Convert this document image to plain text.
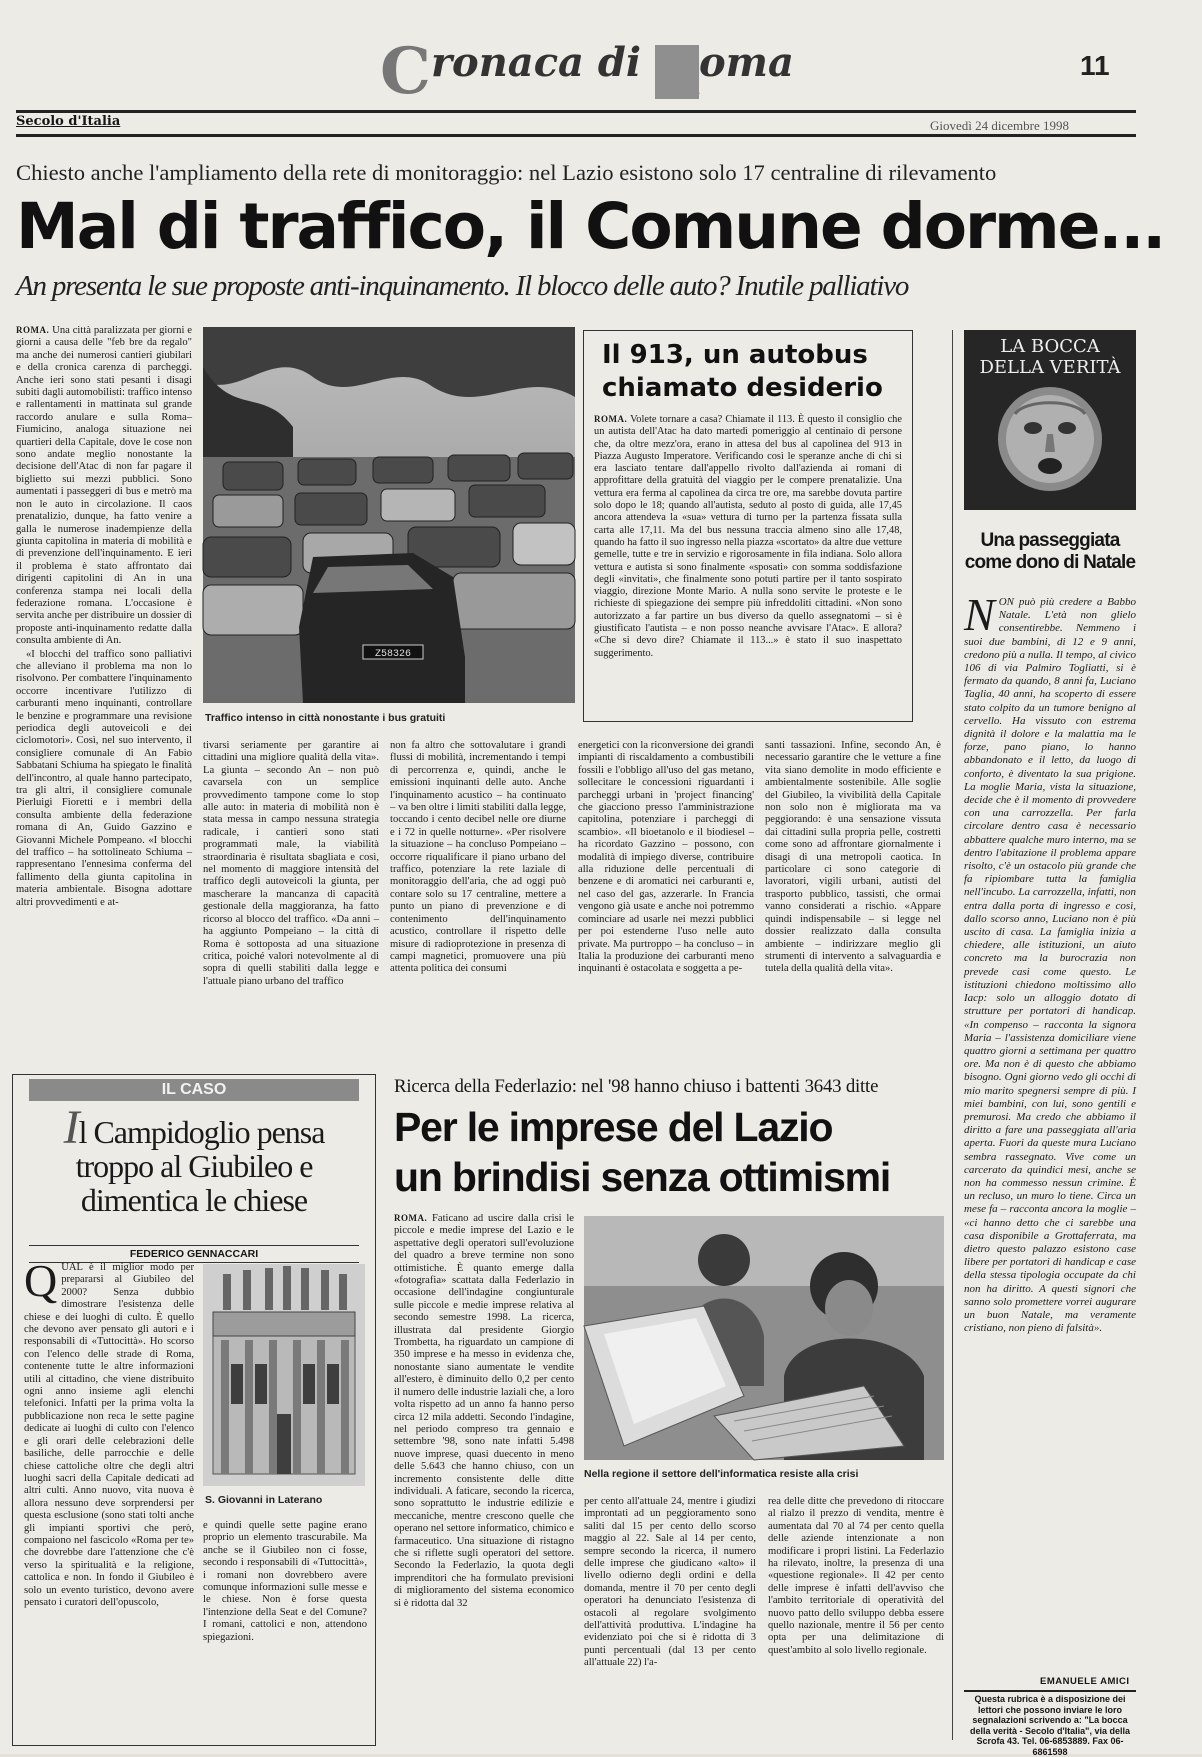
Cronaca di Roma	11
Secolo d'Italia	Giovedì 24 dicembre 1998
Chiesto anche l'ampliamento della rete di monitoraggio: nel Lazio esistono solo 17 centraline di rilevamento
Mal di traffico, il Comune dorme...
An presenta le sue proposte anti-inquinamento. Il blocco delle auto? Inutile palliativo

ROMA. Una città paralizzata per giorni e giorni a causa delle "feb bre da regalo" ma anche dei numerosi cantieri giubilari e della cronica carenza di parcheggi. Anche ieri sono stati pesanti i disagi subiti dagli automobilisti: traffico intenso e rallentamenti in mattinata sul grande raccordo anulare e sulla Roma–Fiumicino, analoga situazione nei quartieri della Capitale, dove le cose non sono andate meglio nonostante la decisione dell'Atac di non far pagare il biglietto sui mezzi pubblici. Sono aumentati i passeggeri di bus e metrò ma non le auto in circolazione. Il caos prenatalizio, dunque, ha fatto venire a galla le numerose inadempienze della giunta capitolina in materia di mobilità e di prevenzione dell'inquinamento. E ieri il problema è stato affrontato dai dirigenti capitolini di An in una conferenza stampa nei locali della federazione romana. L'occasione è servita anche per distribuire un dossier di proposte anti-inquinamento redatte dalla consulta ambiente di An.

«I blocchi del traffico sono palliativi che alleviano il problema ma non lo risolvono. Per combattere l'inquinamento occorre incentivare l'utilizzo di carburanti meno inquinanti, controllare le benzine e programmare una revisione periodica degli autoveicoli e dei ciclomotori». Così, nel suo intervento, il consigliere comunale di An Fabio Sabbatani Schiuma ha spiegato le finalità dell'incontro, al quale hanno partecipato, tra gli altri, il consigliere comunale Pierluigi Fioretti e i membri della consulta ambiente della federazione romana di An, Guido Gazzino e Giovanni Michele Pompeano. «I blocchi del traffico – ha sottolineato Schiuma – rappresentano l'ennesima conferma del fallimento della giunta capitolina in materia ambientale. Bisogna adottare altri provvedimenti e at-

Z58326
Traffico intenso in città nonostante i bus gratuiti
Il 913, un autobus chiamato desiderio
ROMA. Volete tornare a casa? Chiamate il 113. È questo il consiglio che un autista dell'Atac ha dato martedì pomeriggio al centinaio di persone che, da oltre mezz'ora, erano in attesa del bus al capolinea del 913 in Piazza Augusto Imperatore. Verificando così le speranze anche di chi si era lasciato tentare dall'appello rivolto dall'azienda ai romani di approfittare della gratuità del viaggio per le compere prenatalizie. Una vettura era ferma al capolinea da circa tre ore, ma sarebbe dovuta partire solo dopo le 18; quando all'autista, seduto al posto di guida, alle 17,45 ancora attendeva la «sua» vettura di turno per la partenza fissata sulla carta alle 17,11. Ma del bus nessuna traccia almeno sino alle 17,48, quando ha fatto il suo ingresso nella piazza «scortato» da altre due vetture gemelle, tutte e tre in servizio e rigorosamente in fila indiana. Solo allora vettura e autista si sono finalmente «sposati» con somma soddisfazione degli «invitati», che finalmente sono potuti partire per il tanto sospirato viaggio, direzione Monte Mario. A nulla sono servite le proteste e le richieste di spiegazione dei sempre più infreddoliti cittadini. «Non sono autorizzato a far partire un bus diverso da quello assegnatomi – si è giustificato l'autista – e non posso neanche avvisare l'Atac». E allora? «Che si devo dire? Chiamate il 113...» è stato il suo inaspettato suggerimento.
tivarsi seriamente per garantire ai cittadini una migliore qualità della vita». La giunta – secondo An – non può cavarsela con un semplice provvedimento tampone come lo stop alle auto: in materia di mobilità non è stata messa in campo nessuna strategia radicale, i cantieri sono stati programmati male, la viabilità straordinaria è risultata sbagliata e così, nel momento di maggiore intensità del traffico degli autoveicoli la giunta, per mascherare la mancanza di capacità gestionale della maggioranza, ha fatto ricorso al blocco del traffico. «Da anni – ha aggiunto Pompeiano – la città di Roma è sottoposta ad una situazione critica, poiché valori notevolmente al di sopra di quelli stabiliti dalla legge e l'attuale piano urbano del traffico
non fa altro che sottovalutare i grandi flussi di mobilità, incrementando i tempi di percorrenza e, quindi, anche le emissioni inquinanti delle auto. Anche l'inquinamento acustico – ha continuato – va ben oltre i limiti stabiliti dalla legge, toccando i cento decibel nelle ore diurne e i 72 in quelle notturne». «Per risolvere la situazione – ha concluso Pompeiano – occorre riqualificare il piano urbano del traffico, potenziare la rete laziale di monitoraggio dell'aria, che ad oggi può contare solo su 17 centraline, mettere a punto un piano di prevenzione e di contenimento dell'inquinamento acustico, controllare il rispetto delle misure di radioprotezione in presenza di campi magnetici, promuovere una più attenta politica dei consumi
energetici con la riconversione dei grandi impianti di riscaldamento a combustibili fossili e l'obbligo all'uso del gas metano, sollecitare le concessioni riguardanti i parcheggi urbani in 'project financing' che giacciono presso l'amministrazione capitolina, potenziare i parcheggi di scambio». «Il bioetanolo e il biodiesel – ha ricordato Gazzino – possono, con modalità di impiego diverse, contribuire alla riduzione delle percentuali di benzene e di aromatici nei carburanti e, nel caso del gas, azzerarle. In Francia vengono già usate e anche noi potremmo cominciare ad usarle nei mezzi pubblici per poi estenderne l'uso nelle auto private. Ma purtroppo – ha concluso – in Italia la produzione dei carburanti meno inquinanti è ostacolata e soggetta a pe-
santi tassazioni. Infine, secondo An, è necessario garantire che le vetture a fine vita siano demolite in modo efficiente e ambientalmente sostenibile. Alle soglie del Giubileo, la vivibilità della Capitale non solo non è migliorata ma va peggiorando: è una sensazione vissuta dai cittadini sulla propria pelle, costretti come sono ad affrontare giornalmente i disagi di una metropoli caotica. In particolare ci sono categorie di lavoratori, vigili urbani, autisti del trasporto pubblico, tassisti, che ormai vanno considerati a rischio. «Appare quindi indispensabile – si legge nel dossier realizzato dalla consulta ambiente – indirizzare meglio gli strumenti di intervento a salvaguardia e tutela della qualità della vita».
LA BOCCA
DELLA VERITÀ
Una passeggiata
come dono di Natale
NON può più credere a Babbo Natale. L'età non glielo consentirebbe. Nemmeno i suoi due bambini, di 12 e 9 anni, credono più a nulla. Il tempo, al civico 106 di via Palmiro Togliatti, si è fermato da quando, 8 anni fa, Luciano Taglia, 40 anni, ha scoperto di essere stato colpito da un tumore benigno al cervello. Ha vissuto con estrema dignità il dolore e la malattia ma le forze, pano piano, lo hanno abbandonato e il letto, da luogo di conforto, è diventato la sua prigione. La moglie Maria, vista la situazione, decide che è il momento di provvedere con una carrozzella. Per farla circolare dentro casa è necessario abbattere qualche muro interno, ma se dentro l'abitazione il problema appare risolto, c'è un ostacolo più grande che fa ripiombare tutta la famiglia nell'incubo. La carrozzella, infatti, non entra dalla porta di ingresso e così, dallo scorso anno, Luciano non è più uscito di casa. La famiglia inizia a chiedere, alle istituzioni, un aiuto concreto ma la burocrazia non prevede casi come questo. Le istituzioni chiedono moltissimo allo Iacp: solo un alloggio dotato di strutture per portatori di handicap. «In compenso – racconta la signora Maria – l'assistenza domiciliare viene quattro giorni a settimana per quattro ore. Ma non è di questo che abbiamo bisogno. Ogni giorno vedo gli occhi di mio marito spegnersi sempre di più. I miei bambini, con lui, sono gentili e premurosi. Ma credo che abbiamo il diritto a fare una passeggiata all'aria aperta. Fuori da queste mura Luciano sembra rassegnato. Vive come un carcerato da quindici mesi, anche se non ha commesso nessun crimine. È un recluso, un muro lo tiene. Circa un mese fa – racconta ancora la moglie – «ci hanno detto che ci sarebbe una casa disponibile a Grottaferrata, ma dietro questo palazzo esistono case libere per portatori di handicap e case della stessa tipologia occupate da chi non ha diritto. A questi signori che sanno solo promettere vorrei augurare un buon Natale, ma veramente cristiano, non pieno di falsità».
EMANUELE AMICI
Questa rubrica è a disposizione dei lettori che possono inviare le loro segnalazioni scrivendo a: "La bocca della verità - Secolo d'Italia", via della Scrofa 43. Tel. 06-6853889. Fax 06-6861598
IL CASO
Il Campidoglio pensa troppo al Giubileo e dimentica le chiese
FEDERICO GENNACCARI
QUAL è il miglior modo per prepararsi al Giubileo del 2000? Senza dubbio dimostrare l'esistenza delle chiese e dei luoghi di culto. È quello che devono aver pensato gli autori e i responsabili di «Tuttocittà». Ho scorso con l'elenco delle strade di Roma, contenente tutte le altre informazioni utili al cittadino, che viene distribuito ogni anno insieme agli elenchi telefonici. Infatti per la prima volta la pubblicazione non reca le sette pagine dedicate ai luoghi di culto con l'elenco e gli orari delle celebrazioni delle basiliche, delle parrocchie e delle chiese cattoliche oltre che degli altri luoghi sacri della Capitale dedicati ad altri culti. Anno nuovo, vita nuova è allora nessuno deve sorprendersi per questa esclusione (sono stati tolti anche gli impianti sportivi che però, compaiono nel fascicolo «Roma per te» che dovrebbe dare l'attenzione che c'è verso la spiritualità e la religione, cattolica e non. In fondo il Giubileo è solo un evento turistico, devono avere pensato i curatori dell'opuscolo,
S. Giovanni in Laterano
e quindi quelle sette pagine erano proprio un elemento trascurabile. Ma anche se il Giubileo non ci fosse, secondo i responsabili di «Tuttocittà», i romani non dovrebbero avere comunque informazioni sulle messe e le chiese. Non è forse questa l'intenzione della Seat e del Comune? I romani, cattolici e non, attendono spiegazioni.
Ricerca della Federlazio: nel '98 hanno chiuso i battenti 3643 ditte
Per le imprese del Lazio
un brindisi senza ottimismi
ROMA. Faticano ad uscire dalla crisi le piccole e medie imprese del Lazio e le aspettative degli operatori sull'evoluzione del quadro a breve termine non sono ottimistiche. È quanto emerge dalla «fotografia» scattata dalla Federlazio in occasione dell'indagine congiunturale sulle piccole e medie imprese relativa al secondo semestre 1998. La ricerca, illustrata dal presidente Giorgio Trombetta, ha riguardato un campione di 350 imprese e ha messo in evidenza che, nonostante siano aumentate le vendite all'estero, è diminuito dello 0,2 per cento il numero delle industrie laziali che, a loro volta rispetto ad un anno fa hanno perso circa 12 mila addetti. Secondo l'indagine, nel periodo compreso tra gennaio e settembre '98, sono nate infatti 5.498 nuove imprese, quasi duecento in meno delle 5.643 che hanno chiuso, con un incremento consistente delle ditte individuali. A faticare, secondo la ricerca, sono soprattutto le industrie edilizie e meccaniche, mentre crescono quelle che operano nel settore informatico, chimico e farmaceutico. Una situazione di ristagno che si riflette sugli operatori del settore. Secondo la Federlazio, la quota degli imprenditori che ha formulato previsioni di miglioramento del sistema economico si è ridotta dal 32
Nella regione il settore dell'informatica resiste alla crisi
per cento all'attuale 24, mentre i giudizi improntati ad un peggioramento sono saliti dal 15 per cento dello scorso maggio al 22. Sale al 14 per cento, sempre secondo la ricerca, il numero delle imprese che giudicano «alto» il livello odierno degli ordini e della domanda, mentre il 70 per cento degli operatori ha denunciato l'esistenza di ostacoli al regolare svolgimento dell'attività produttiva. L'indagine ha evidenziato poi che si è ridotta di 3 punti percentuali (dal 13 per cento all'attuale 22) l'a-
rea delle ditte che prevedono di ritoccare al rialzo il prezzo di vendita, mentre è aumentata dal 70 al 74 per cento quella delle aziende intenzionate a non modificare i propri listini. La Federlazio ha rilevato, inoltre, la presenza di una «questione regionale». Il 42 per cento delle imprese è infatti dell'avviso che l'ambito territoriale di operatività del nuovo patto dello sviluppo debba essere quello nazionale, mentre il 56 per cento opta per una delimitazione di quest'ambito al solo livello regionale.
